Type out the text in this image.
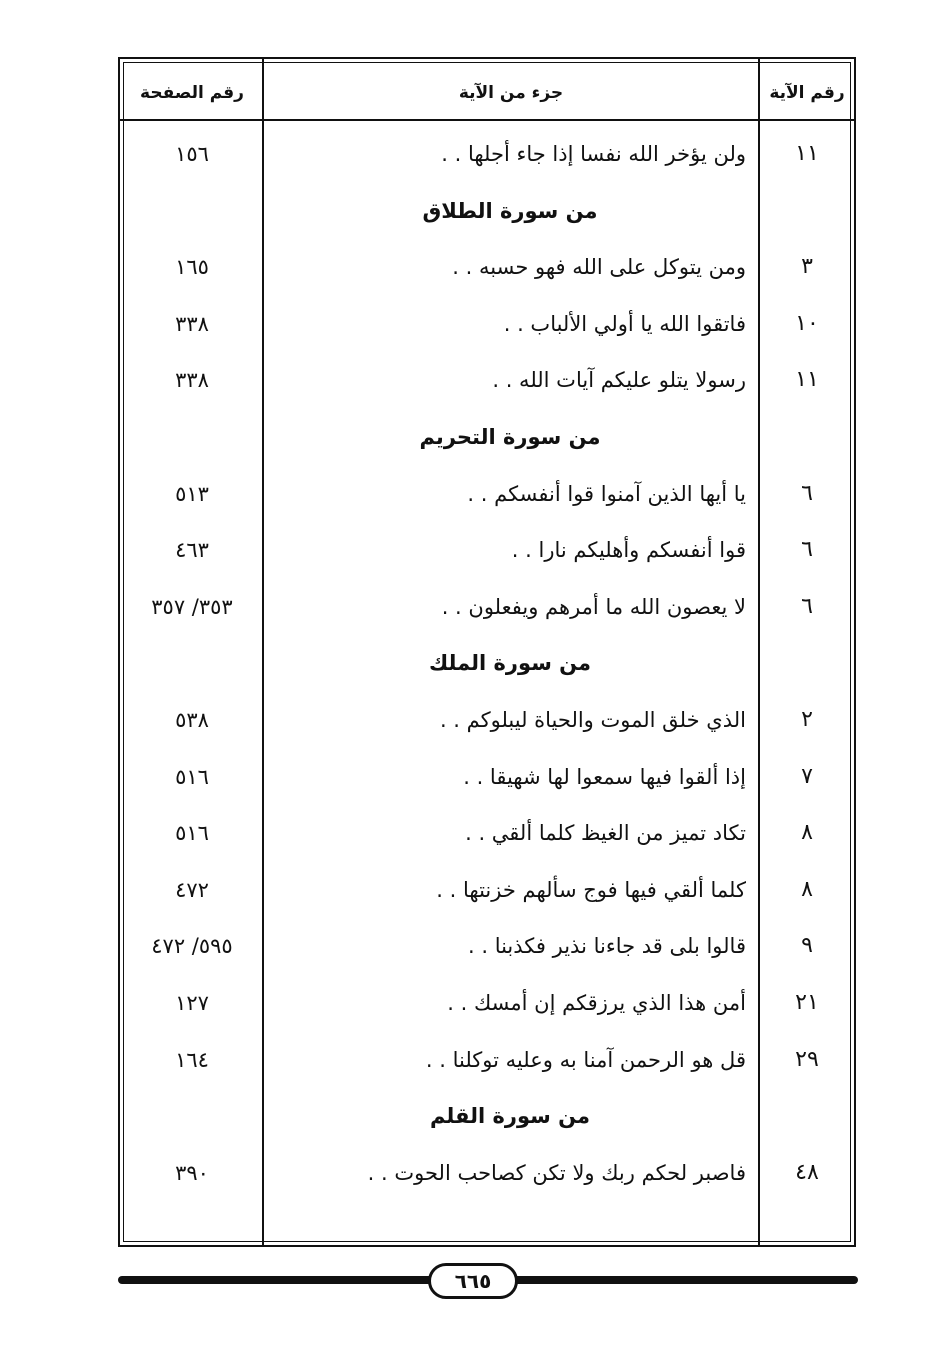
رقم الآية
جزء من الآية
رقم الصفحة
١١
ولن يؤخر الله نفسا إذا جاء أجلها . .
١٥٦
من سورة الطلاق
٣
ومن يتوكل على الله فهو حسبه . .
١٦٥
١٠
فاتقوا الله يا أولي الألباب . .
٣٣٨
١١
رسولا يتلو عليكم آيات الله . .
٣٣٨
من سورة التحريم
٦
يا أيها الذين آمنوا قوا أنفسكم . .
٥١٣
٦
قوا أنفسكم وأهليكم نارا . .
٤٦٣
٦
لا يعصون الله ما أمرهم ويفعلون . .
٣٥٣/ ٣٥٧
من سورة الملك
٢
الذي خلق الموت والحياة ليبلوكم . .
٥٣٨
٧
إذا ألقوا فيها سمعوا لها شهيقا . .
٥١٦
٨
تكاد تميز من الغيظ كلما ألقي . .
٥١٦
٨
كلما ألقي فيها فوج سألهم خزنتها . .
٤٧٢
٩
قالوا بلى قد جاءنا نذير فكذبنا . .
٥٩٥/ ٤٧٢
٢١
أمن هذا الذي يرزقكم إن أمسك . .
١٢٧
٢٩
قل هو الرحمن آمنا به وعليه توكلنا . .
١٦٤
من سورة القلم
٤٨
فاصبر لحكم ربك ولا تكن كصاحب الحوت . .
٣٩٠
٦٦٥
